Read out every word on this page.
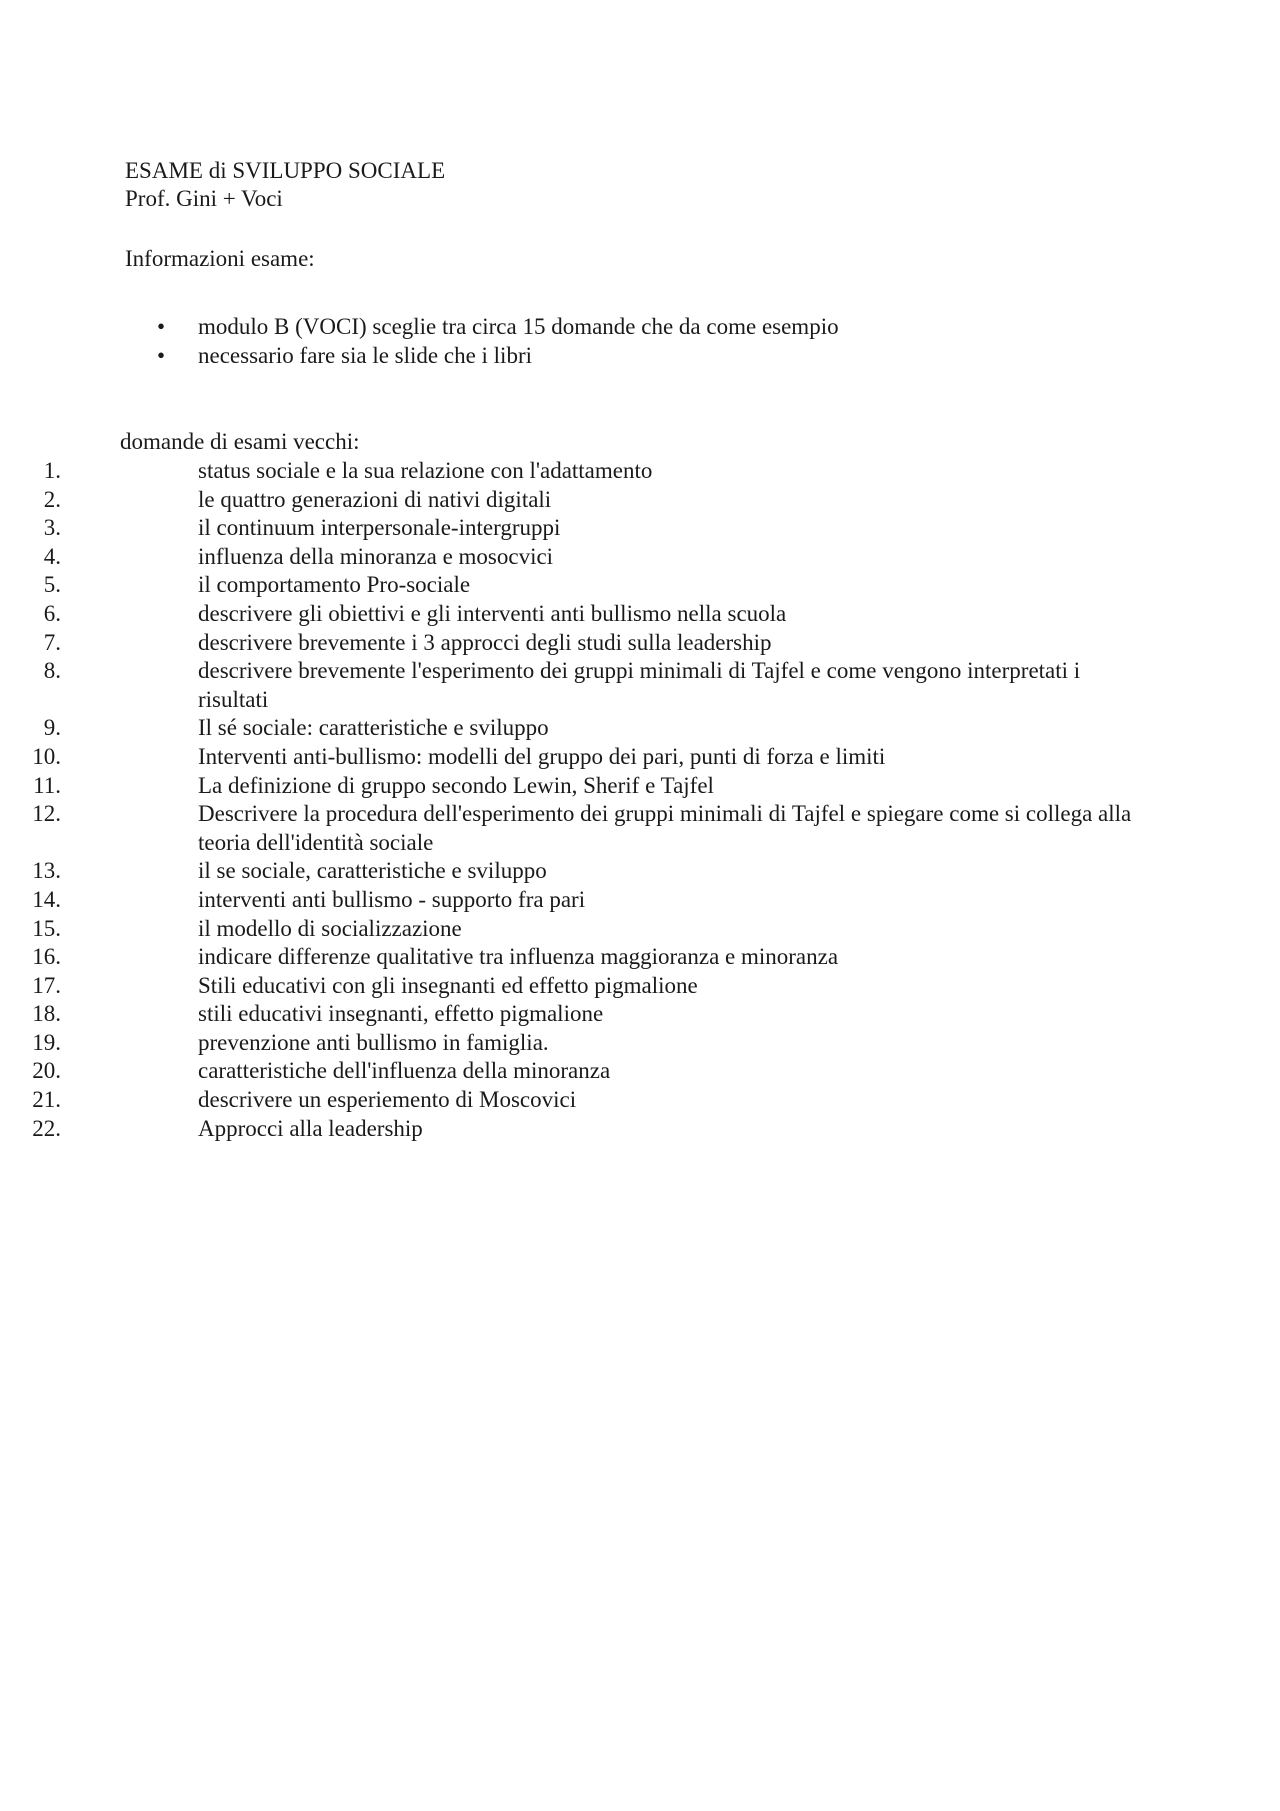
ESAME di SVILUPPO SOCIALE
Prof. Gini + Voci
Informazioni esame:
• modulo B (VOCI) sceglie tra circa 15 domande che da come esempio
• necessario fare sia le slide che i libri
domande di esami vecchi:
1.	status sociale e la sua relazione con l'adattamento
2.	le quattro generazioni di nativi digitali
3.	il continuum interpersonale-intergruppi
4.	influenza della minoranza e mosocvici
5.	il comportamento Pro-sociale
6.	descrivere gli obiettivi e gli interventi anti bullismo nella scuola
7.	descrivere brevemente i 3 approcci degli studi sulla leadership
8.	descrivere brevemente l'esperimento dei gruppi minimali di Tajfel e come vengono interpretati i risultati
9.	Il sé sociale: caratteristiche e sviluppo
10.	Interventi anti-bullismo: modelli del gruppo dei pari, punti di forza e limiti
11.	La definizione di gruppo secondo Lewin, Sherif e Tajfel
12.	Descrivere la procedura dell'esperimento dei gruppi minimali di Tajfel e spiegare come si collega alla teoria dell'identità sociale
13.	il se sociale, caratteristiche e sviluppo
14.	interventi anti bullismo - supporto fra pari
15.	il modello di socializzazione
16.	indicare differenze qualitative tra influenza maggioranza e minoranza
17.	Stili educativi con gli insegnanti ed effetto pigmalione
18.	stili educativi insegnanti, effetto pigmalione
19.	prevenzione anti bullismo in famiglia.
20.	caratteristiche dell'influenza della minoranza
21.	descrivere un esperiemento di Moscovici
22.	Approcci alla leadership
